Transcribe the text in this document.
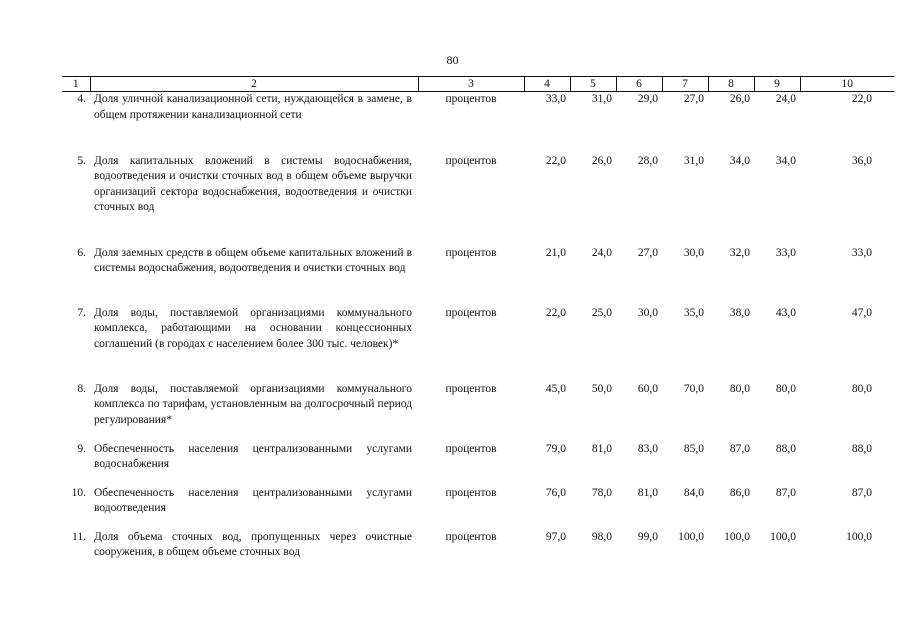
80
1	2	3	4	5	6	7	8	9	10
4.	Доля уличной канализационной сети, нуждающейся в замене, в общем протяжении канализационной сети	процентов	33,0	31,0	29,0	27,0	26,0	24,0	22,0
5.	Доля капитальных вложений в системы водоснабжения, водоотведения и очистки сточных вод в общем объеме выручки организаций сектора водоснабжения, водоотведения и очистки сточных вод	процентов	22,0	26,0	28,0	31,0	34,0	34,0	36,0
6.	Доля заемных средств в общем объеме капитальных вложений в системы водоснабжения, водоотведения и очистки сточных вод	процентов	21,0	24,0	27,0	30,0	32,0	33,0	33,0
7.	Доля воды, поставляемой организациями коммунального комплекса, работающими на основании концессионных соглашений (в городах с населением более 300 тыс. человек)*	процентов	22,0	25,0	30,0	35,0	38,0	43,0	47,0
8.	Доля воды, поставляемой организациями коммунального комплекса по тарифам, установленным на долгосрочный период регулирования*	процентов	45,0	50,0	60,0	70,0	80,0	80,0	80,0
9.	Обеспеченность населения централизованными услугами водоснабжения	процентов	79,0	81,0	83,0	85,0	87,0	88,0	88,0
10.	Обеспеченность населения централизованными услугами водоотведения	процентов	76,0	78,0	81,0	84,0	86,0	87,0	87,0
11.	Доля объема сточных вод, пропущенных через очистные сооружения, в общем объеме сточных вод	процентов	97,0	98,0	99,0	100,0	100,0	100,0	100,0
